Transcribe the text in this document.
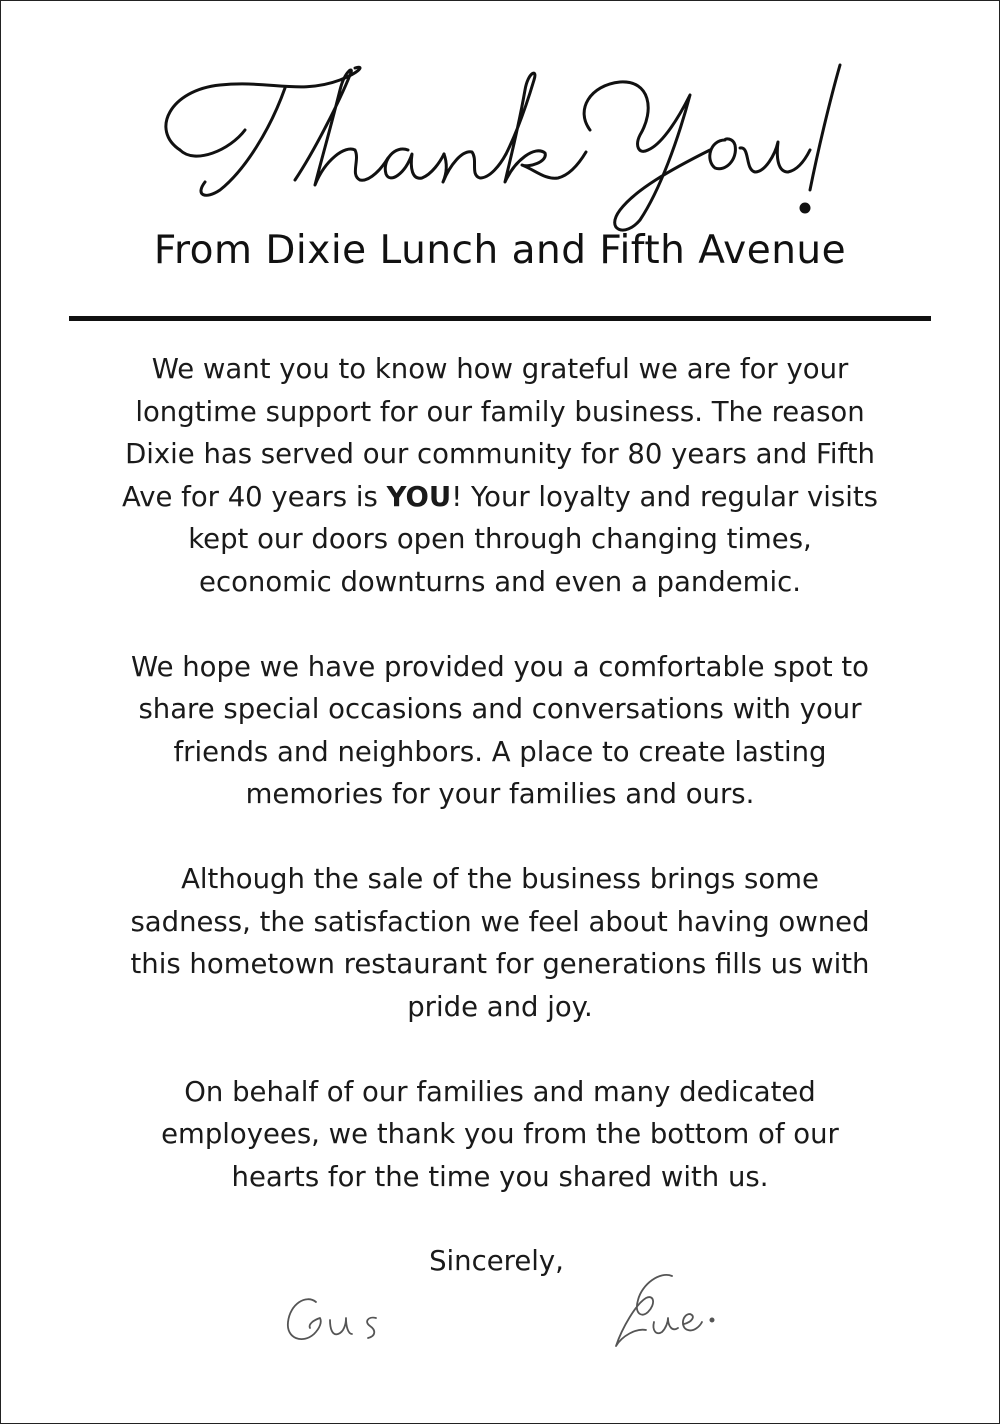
From Dixie Lunch and Fifth Avenue
We want you to know how grateful we are for your
longtime support for our family business. The reason
Dixie has served our community for 80 years and Fifth
Ave for 40 years is YOU! Your loyalty and regular visits
kept our doors open through changing times,
economic downturns and even a pandemic.
We hope we have provided you a comfortable spot to
share special occasions and conversations with your
friends and neighbors. A place to create lasting
memories for your families and ours.
Although the sale of the business brings some
sadness, the satisfaction we feel about having owned
this hometown restaurant for generations fills us with
pride and joy.
On behalf of our families and many dedicated
employees, we thank you from the bottom of our
hearts for the time you shared with us.
Sincerely,
